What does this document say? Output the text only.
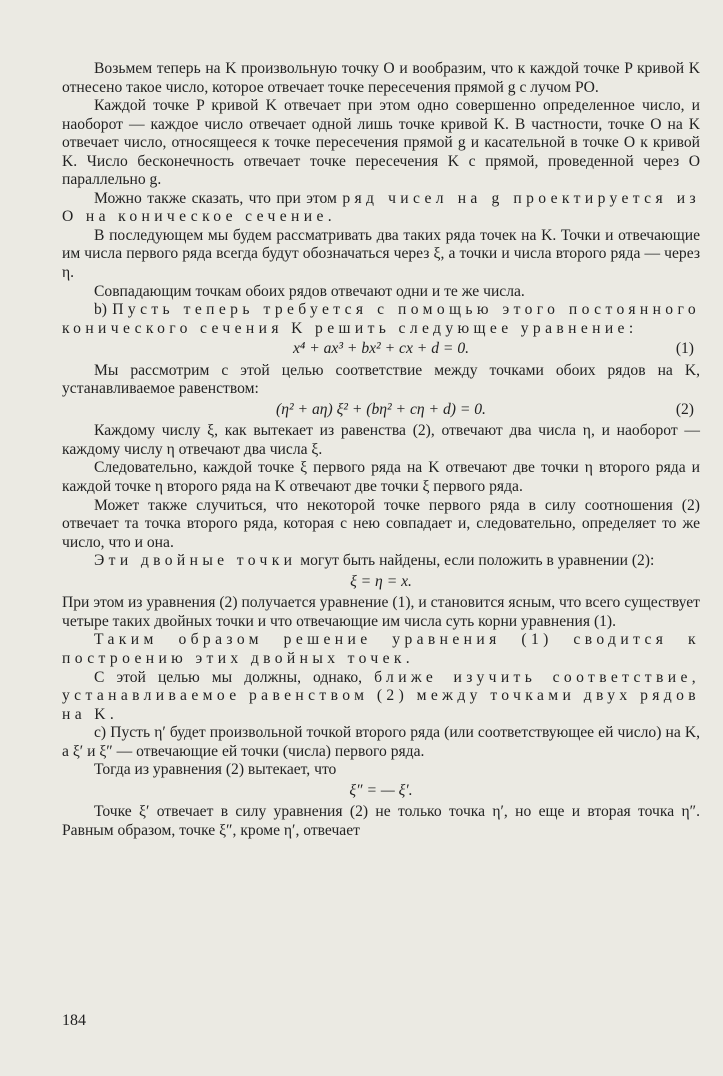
Возьмем теперь на K произвольную точку O и вообразим, что к каждой точке P кривой K отнесено такое число, которое отвечает точке пересечения прямой g с лучом PO.

Каждой точке P кривой K отвечает при этом одно совершенно определенное число, и наоборот — каждое число отвечает одной лишь точке кривой K. В частности, точке O на K отвечает число, относящееся к точке пересечения прямой g и касательной в точке O к кривой K. Число бесконечность отвечает точке пересечения K с прямой, проведенной через O параллельно g.

Можно также сказать, что при этом ряд чисел на g проектируется из O на коническое сечение.

В последующем мы будем рассматривать два таких ряда точек на K. Точки и отвечающие им числа первого ряда всегда будут обозначаться через ξ, а точки и числа второго ряда — через η.

Совпадающим точкам обоих рядов отвечают одни и те же числа.

b) Пусть теперь требуется с помощью этого постоянного конического сечения K решить следующее уравнение:

x⁴ + ax³ + bx² + cx + d = 0.	(1)

Мы рассмотрим с этой целью соответствие между точками обоих рядов на K, устанавливаемое равенством:

(η² + aη) ξ² + (bη² + cη + d) = 0.	(2)

Каждому числу ξ, как вытекает из равенства (2), отвечают два числа η, и наоборот — каждому числу η отвечают два числа ξ.

Следовательно, каждой точке ξ первого ряда на K отвечают две точки η второго ряда и каждой точке η второго ряда на K отвечают две точки ξ первого ряда.

Может также случиться, что некоторой точке первого ряда в силу соотношения (2) отвечает та точка второго ряда, которая с нею совпадает и, следовательно, определяет то же число, что и она.

Эти двойные точки могут быть найдены, если положить в уравнении (2):

ξ = η = x.

При этом из уравнения (2) получается уравнение (1), и становится ясным, что всего существует четыре таких двойных точки и что отвечающие им числа суть корни уравнения (1).

Таким образом решение уравнения (1) сводится к построению этих двойных точек.

С этой целью мы должны, однако, ближе изучить соответствие, устанавливаемое равенством (2) между точками двух рядов на K.

c) Пусть η′ будет произвольной точкой второго ряда (или соответствующее ей число) на K, а ξ′ и ξ″ — отвечающие ей точки (числа) первого ряда.

Тогда из уравнения (2) вытекает, что

ξ″ = — ξ′.

Точке ξ′ отвечает в силу уравнения (2) не только точка η′, но еще и вторая точка η″. Равным образом, точке ξ″, кроме η′, отвечает

184
